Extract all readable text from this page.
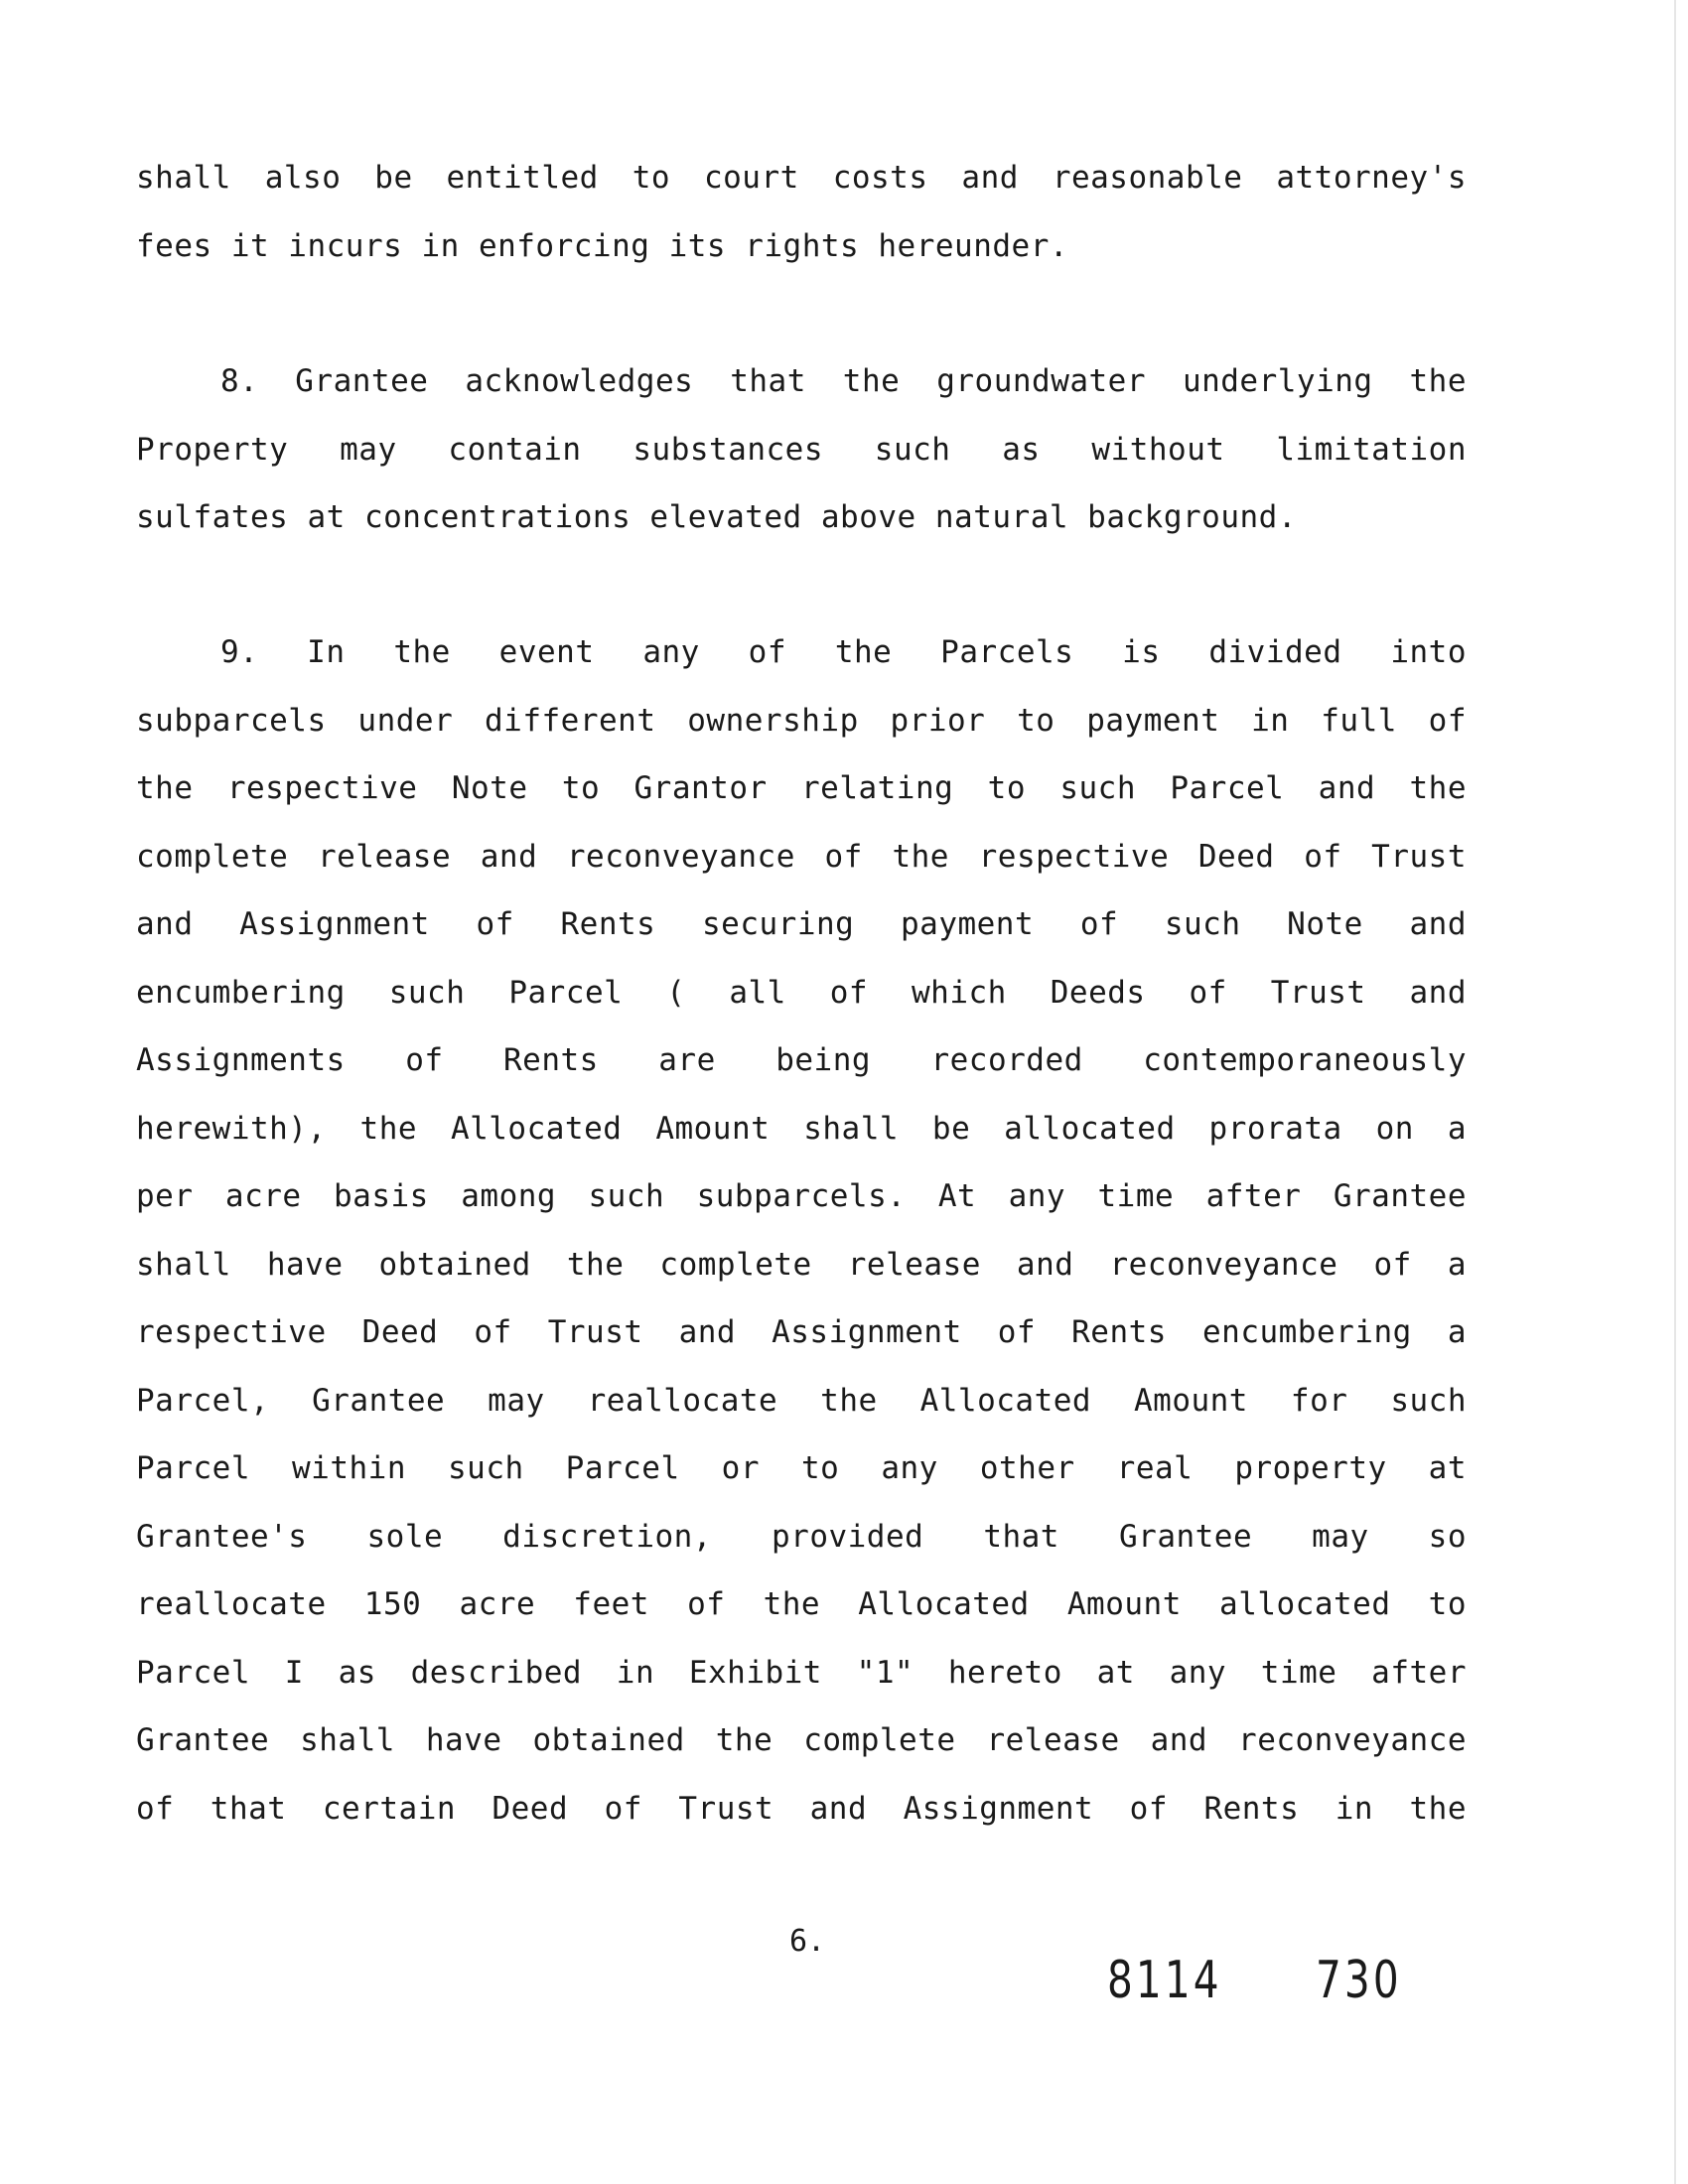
shall also be entitled to court costs and reasonable attorney's
fees it incurs in enforcing its rights hereunder.
8. Grantee acknowledges that the groundwater underlying the
Property may contain substances such as without limitation
sulfates at concentrations elevated above natural background.
9. In the event any of the Parcels is divided into
subparcels under different ownership prior to payment in full of
the respective Note to Grantor relating to such Parcel and the
complete release and reconveyance of the respective Deed of Trust
and Assignment of Rents securing payment of such Note and
encumbering such Parcel ( all of which Deeds of Trust and
Assignments of Rents are being recorded contemporaneously
herewith), the Allocated Amount shall be allocated prorata on a
per acre basis among such subparcels. At any time after Grantee
shall have obtained the complete release and reconveyance of a
respective Deed of Trust and Assignment of Rents encumbering a
Parcel, Grantee may reallocate the Allocated Amount for such
Parcel within such Parcel or to any other real property at
Grantee's sole discretion, provided that Grantee may so
reallocate 150 acre feet of the Allocated Amount allocated to
Parcel I as described in Exhibit "1" hereto at any time after
Grantee shall have obtained the complete release and reconveyance
of that certain Deed of Trust and Assignment of Rents in the
6.
8114 730
